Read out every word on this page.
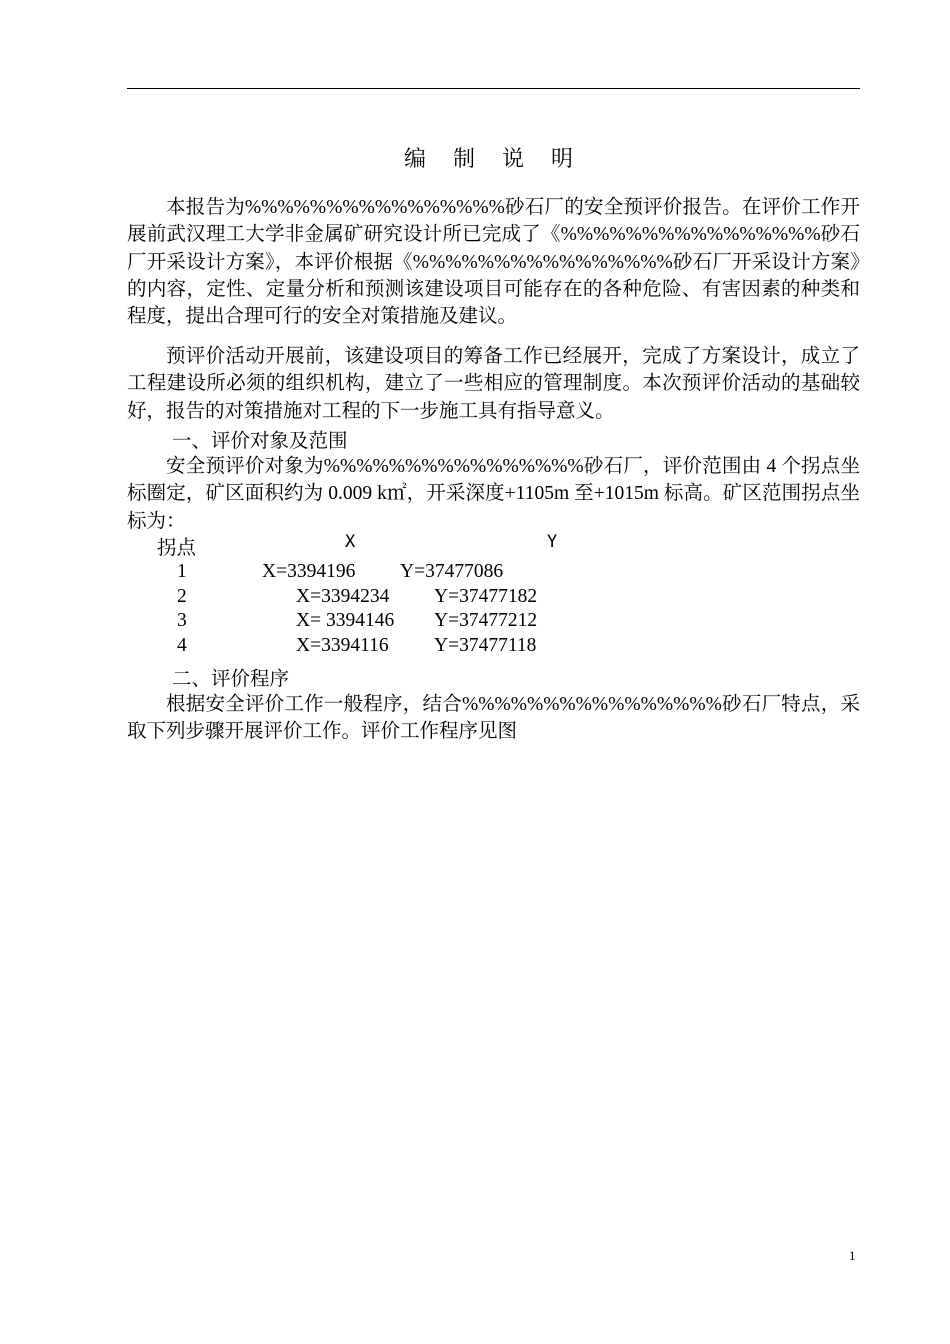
编 制 说 明
本报告为%%%%%%%%%%%%%%%%砂石厂的安全预评价报告。在评价工作开展前武汉理工大学非金属矿研究设计所已完成了《%%%%%%%%%%%%%%%%砂石厂开采设计方案》，本评价根据《%%%%%%%%%%%%%%%%砂石厂开采设计方案》的内容，定性、定量分析和预测该建设项目可能存在的各种危险、有害因素的种类和程度，提出合理可行的安全对策措施及建议。
预评价活动开展前，该建设项目的筹备工作已经展开，完成了方案设计，成立了工程建设所必须的组织机构，建立了一些相应的管理制度。本次预评价活动的基础较好，报告的对策措施对工程的下一步施工具有指导意义。
一、评价对象及范围
安全预评价对象为%%%%%%%%%%%%%%%%砂石厂，评价范围由 4 个拐点坐标圈定，矿区面积约为 0.009 k㎡，开采深度+1105m 至+1015m 标高。矿区范围拐点坐标为：
拐点	X	Y
1	X=3394196 Y=37477086
2	X=3394234 Y=37477182
3	X= 3394146 Y=37477212
4	X=3394116 Y=37477118
二、评价程序
根据安全评价工作一般程序，结合%%%%%%%%%%%%%%%%砂石厂特点，采取下列步骤开展评价工作。评价工作程序见图
1
